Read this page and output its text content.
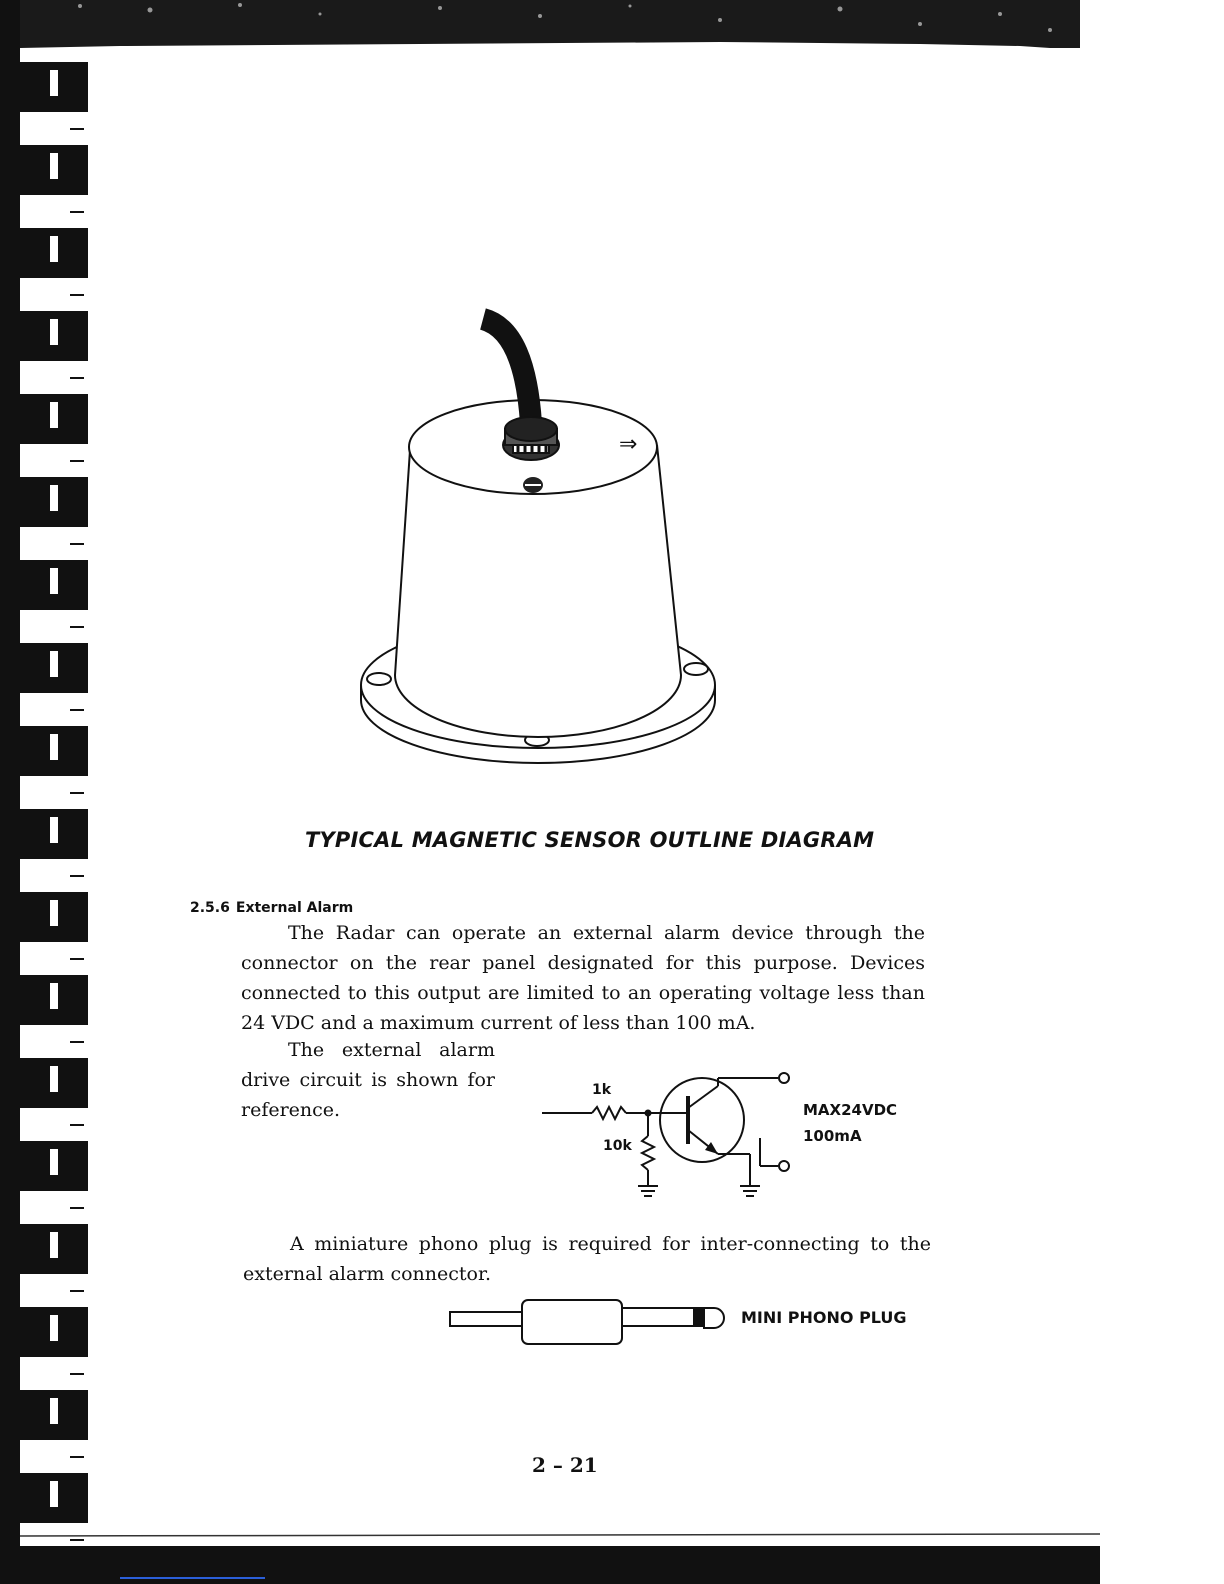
⇒
TYPICAL MAGNETIC SENSOR OUTLINE DIAGRAM
2.5.6 External Alarm

The Radar can operate an external alarm device through the connector on the rear panel designated for this purpose. Devices connected to this output are limited to an operating voltage less than 24 VDC and a maximum current of less than 100 mA.

The external alarm drive circuit is shown for reference.

1k
10k
MAX24VDC
100mA

A miniature phono plug is required for inter-connecting to the external alarm connector.

MINI PHONO PLUG
2 – 21
